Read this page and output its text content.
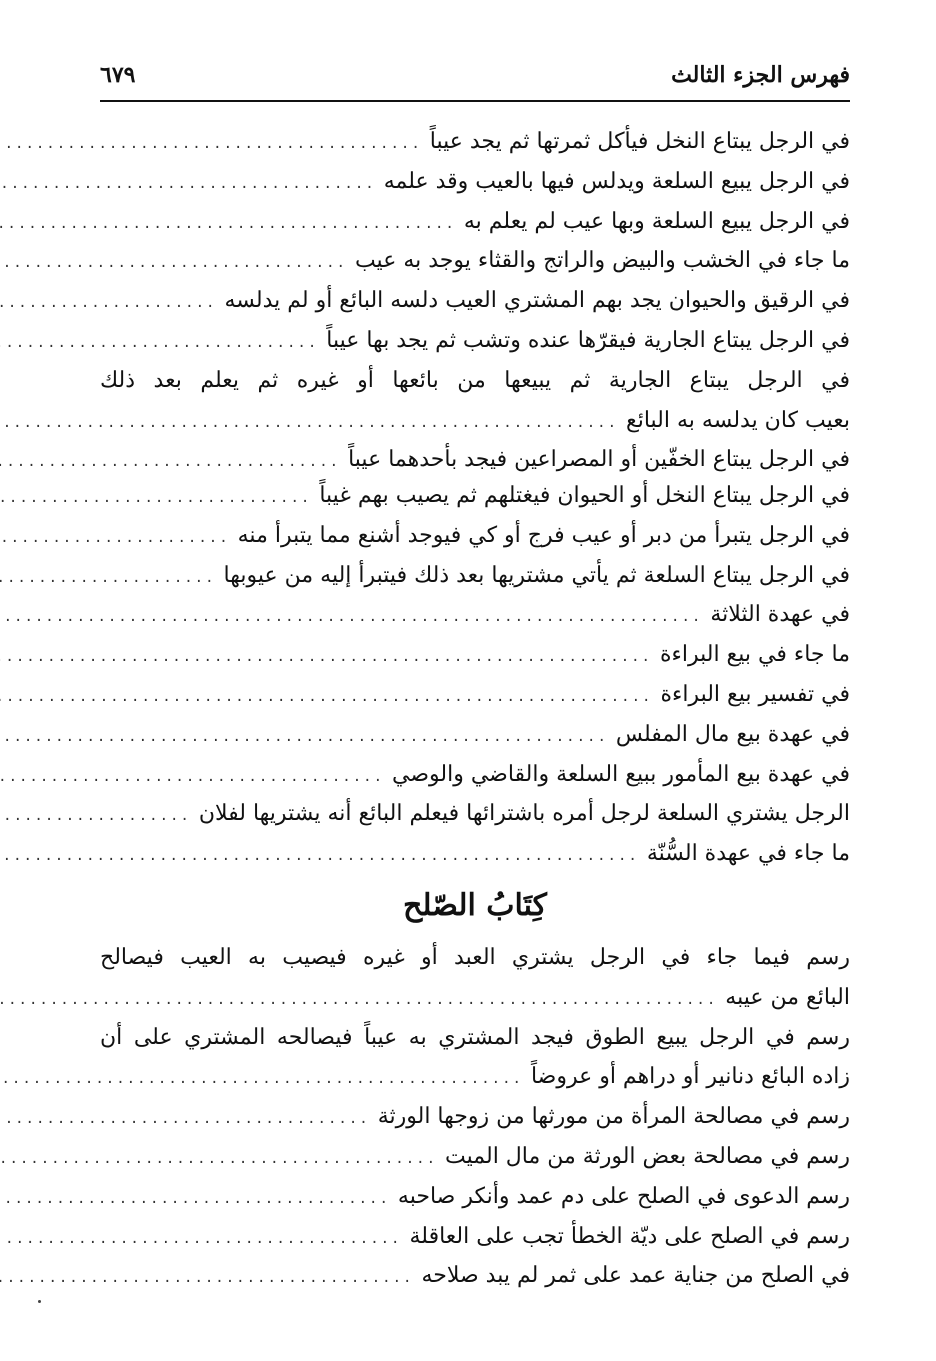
فهرس الجزء الثالث
٦٧٩
في الرجل يبتاع النخل فيأكل ثمرتها ثم يجد عيباً
.....
في الرجل يبيع السلعة ويدلس فيها بالعيب وقد علمه
.....
في الرجل يبيع السلعة وبها عيب لم يعلم به
.....
ما جاء في الخشب والبيض والراتج والقثاء يوجد به عيب
.....
في الرقيق والحيوان يجد بهم المشتري العيب دلسه البائع أو لم يدلسه
.....
في الرجل يبتاع الجارية فيقرّها عنده وتشب ثم يجد بها عيباً
.....
في الرجل يبتاع الجارية ثم يبيعها من بائعها أو غيره ثم يعلم بعد ذلك
بعيب كان يدلسه به البائع
.....
في الرجل يبتاع الخفّين أو المصراعين فيجد بأحدهما عيباً
.....
في الرجل يبتاع النخل أو الحيوان فيغتلهم ثم يصيب بهم غيباً
.....
في الرجل يتبرأ من دبر أو عيب فرج أو كي فيوجد أشنع مما يتبرأ منه
.....
في الرجل يبتاع السلعة ثم يأتي مشتريها بعد ذلك فيتبرأ إليه من عيوبها
.....
في عهدة الثلاثة
.....
ما جاء في بيع البراءة
.....
في تفسير بيع البراءة
.....
في عهدة بيع مال المفلس
.....
في عهدة بيع المأمور ببيع السلعة والقاضي والوصي
.....
الرجل يشتري السلعة لرجل أمره باشترائها فيعلم البائع أنه يشتريها لفلان
.....
ما جاء في عهدة السُّنّة
.....
كِتَابُ الصّلح
رسم فيما جاء في الرجل يشتري العبد أو غيره فيصيب به العيب فيصالح
البائع من عيبه
.....
رسم في الرجل يبيع الطوق فيجد المشتري به عيباً فيصالحه المشتري على أن
زاده البائع دنانير أو دراهم أو عروضاً
.....
رسم في مصالحة المرأة من مورثها من زوجها الورثة
.....
رسم في مصالحة بعض الورثة من مال الميت
.....
رسم الدعوى في الصلح على دم عمد وأنكر صاحبه
.....
رسم في الصلح على ديّة الخطأ تجب على العاقلة
.....
في الصلح من جناية عمد على ثمر لم يبد صلاحه
.....
